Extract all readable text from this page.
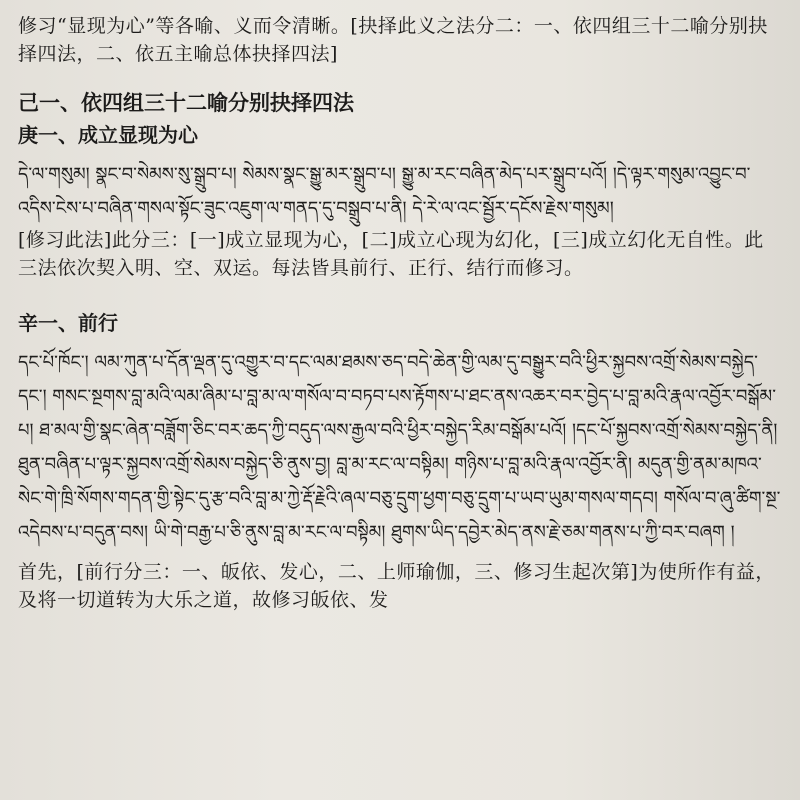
修习“显现为心”等各喻、义而令清晰。[抉择此义之法分二：一、依四组三十二喻分别抉择四法，二、依五主喻总体抉择四法]

己一、依四组三十二喻分别抉择四法

庚一、成立显现为心

དེ་ལ་གསུམ། སྣང་བ་སེམས་སུ་སྒྲུབ་པ། སེམས་སྣང་སྒྱུ་མར་སྒྲུབ་པ། སྒྱུ་མ་རང་བཞིན་མེད་པར་སྒྲུབ་པའོ། །དེ་ལྟར་གསུམ་འབྱུང་བ་འདིས་ངེས་པ་བཞིན་གསལ་སྟོང་ཟུང་འཇུག་ལ་གནད་དུ་བསྒྲུབ་པ་ནི། དེ་རེ་ལ་འང་སྦྱོར་དངོས་རྗེས་གསུམ།

[修习此法]此分三：[一]成立显现为心，[二]成立心现为幻化，[三]成立幻化无自性。此三法依次契入明、空、双运。每法皆具前行、正行、结行而修习。

辛一、前行

དང་པོ་ཁོང་། ལམ་ཀུན་པ་དོན་ལྡན་དུ་འགྱུར་བ་དང་ལམ་ཐམས་ཅད་བདེ་ཆེན་གྱི་ལམ་དུ་བསྒྱུར་བའི་ཕྱིར་སྐྱབས་འགྲོ་སེམས་བསྐྱེད་དང་། གསང་སྔགས་བླ་མའི་ལམ་ཞིམ་པ་བླ་མ་ལ་གསོལ་བ་བཏབ་པས་རྟོགས་པ་ཐང་ནས་འཆར་བར་བྱེད་པ་བླ་མའི་རྣལ་འབྱོར་བསྒོམ་པ། ཐ་མལ་གྱི་སྣང་ཞེན་བཟློག་ཅིང་བར་ཆད་ཀྱི་བདུད་ལས་རྒྱལ་བའི་ཕྱིར་བསྐྱེད་རིམ་བསྒོམ་པའོ། །དང་པོ་སྐྱབས་འགྲོ་སེམས་བསྐྱེད་ནི། ཐུན་བཞིན་པ་ལྟར་སྐྱབས་འགྲོ་སེམས་བསྐྱེད་ཅི་ནུས་བྱ། བླ་མ་རང་ལ་བསྟིམ། གཉིས་པ་བླ་མའི་རྣལ་འབྱོར་ནི། མདུན་གྱི་ནམ་མཁའ་སེང་གེ་ཁྲི་སོགས་གདན་གྱི་སྟེང་དུ་རྩ་བའི་བླ་མ་ཀྱེ་རྡོ་རྗེའི་ཞལ་བཅུ་དྲུག་ཕྱག་བཅུ་དྲུག་པ་ཡབ་ཡུམ་གསལ་གདབ། གསོལ་བ་ཞུ་ཚིག་སྔ་འདེབས་པ་བདུན་བས། ཡི་གེ་བརྒྱ་པ་ཅི་ནུས་བླ་མ་རང་ལ་བསྟིམ། ཐུགས་ཡིད་དབྱེར་མེད་ནས་རྗེ་ཅམ་གནས་པ་ཀྱི་བར་བཞག །

首先，[前行分三：一、皈依、发心，二、上师瑜伽，三、修习生起次第]为使所作有益，及将一切道转为大乐之道，故修习皈依、发
